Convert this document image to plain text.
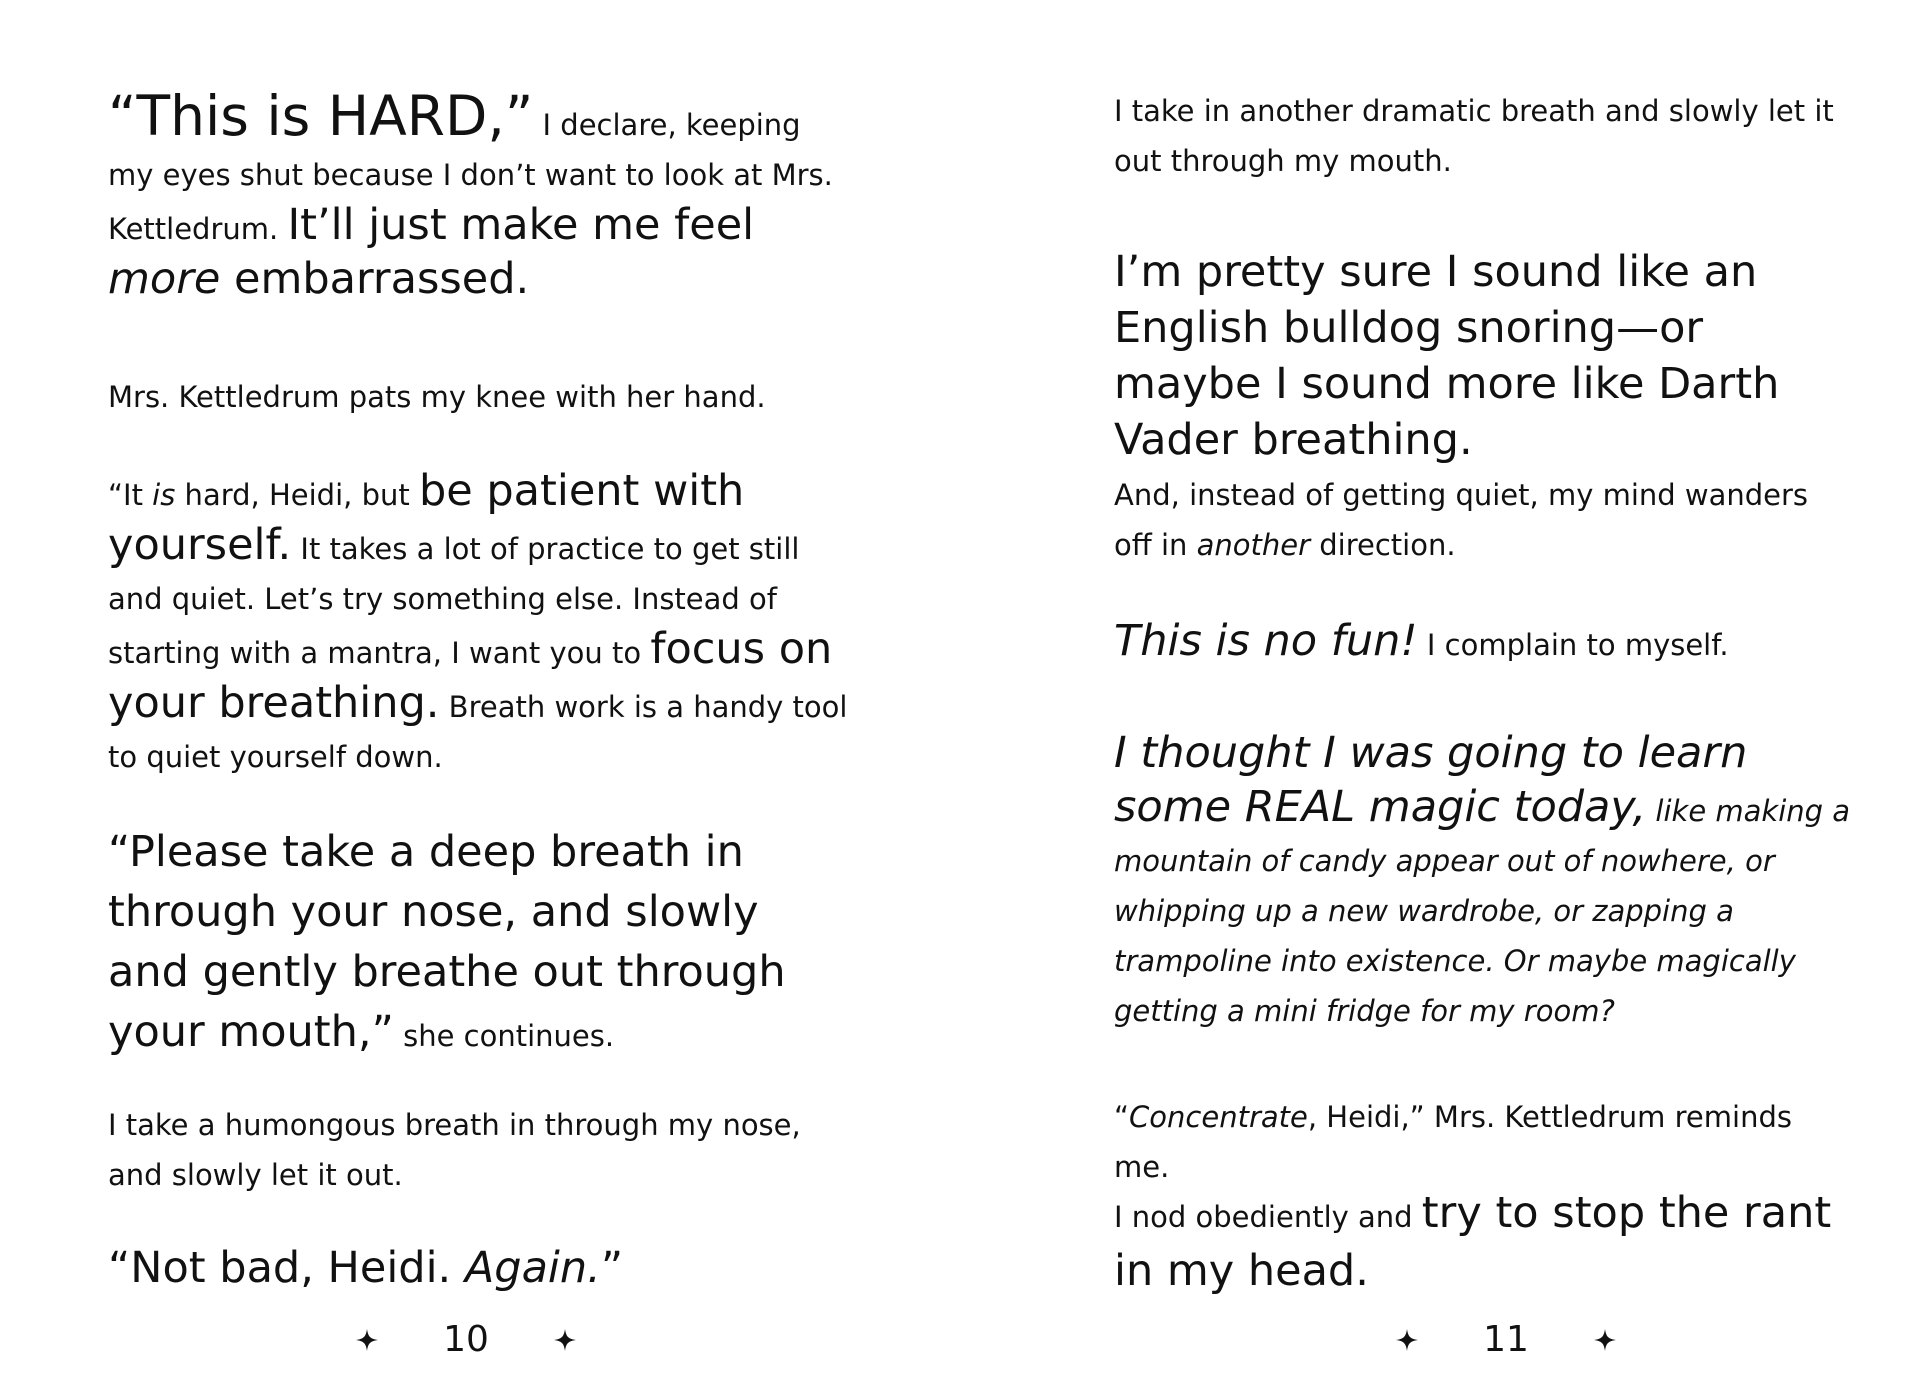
“This is HARD,” I declare, keeping my eyes shut because I don’t want to look at Mrs. Kettledrum. It’ll just make me feel more embarrassed.

Mrs. Kettledrum pats my knee with her hand.

“It is hard, Heidi, but be patient with yourself. It takes a lot of practice to get still and quiet. Let’s try something else. Instead of starting with a mantra, I want you to focus on your breathing. Breath work is a handy tool to quiet yourself down.

“Please take a deep breath in through your nose, and slowly and gently breathe out through your mouth,” she continues.

I take a humongous breath in through my nose, and slowly let it out.

“Not bad, Heidi. Again.”

10

I take in another dramatic breath and slowly let it out through my mouth.

I’m pretty sure I sound like an English bulldog snoring—or maybe I sound more like Darth Vader breathing.

And, instead of getting quiet, my mind wanders off in another direction.

This is no fun! I complain to myself.

I thought I was going to learn some REAL magic today, like making a mountain of candy appear out of nowhere, or whipping up a new wardrobe, or zapping a trampoline into existence. Or maybe magically getting a mini fridge for my room?

“Concentrate, Heidi,” Mrs. Kettledrum reminds me.

I nod obediently and try to stop the rant in my head.

11
